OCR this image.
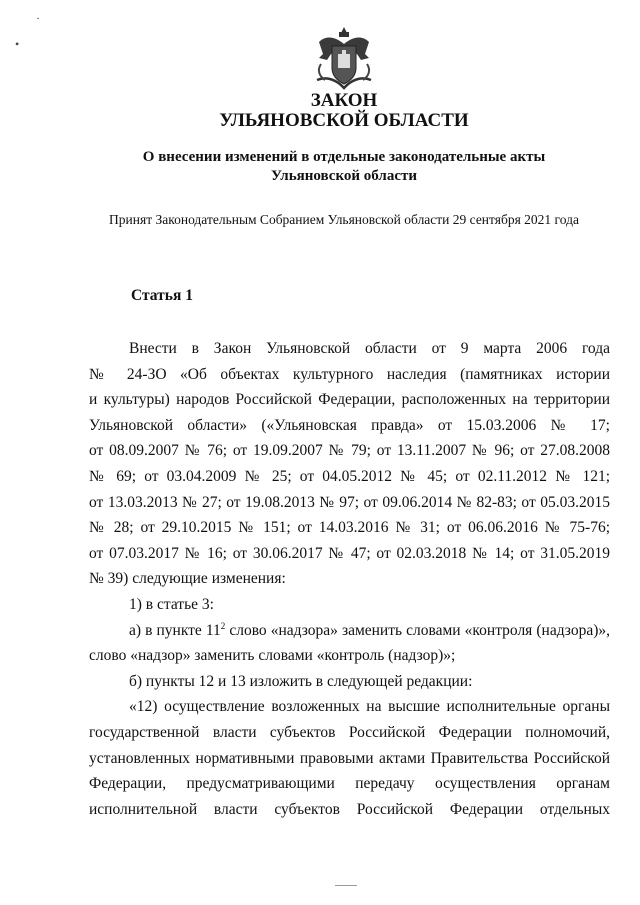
·
•

ЗАКОН

УЛЬЯНОВСКОЙ ОБЛАСТИ

О внесении изменений в отдельные законодательные акты

Ульяновской области

Принят Законодательным Собранием Ульяновской области 29 сентября 2021 года

Статья 1

Внести в Закон Ульяновской области от 9 марта 2006 года

№ 24-ЗО «Об объектах культурного наследия (памятниках истории

и культуры) народов Российской Федерации, расположенных на территории

Ульяновской области» («Ульяновская правда» от 15.03.2006 № 17;

от 08.09.2007 № 76; от 19.09.2007 № 79; от 13.11.2007 № 96; от 27.08.2008

№ 69; от 03.04.2009 № 25; от 04.05.2012 № 45; от 02.11.2012 № 121;

от 13.03.2013 № 27; от 19.08.2013 № 97; от 09.06.2014 № 82-83; от 05.03.2015

№ 28; от 29.10.2015 № 151; от 14.03.2016 № 31; от 06.06.2016 № 75-76;

от 07.03.2017 № 16; от 30.06.2017 № 47; от 02.03.2018 № 14; от 31.05.2019

№ 39) следующие изменения:

1) в статье 3:

а) в пункте $11^2$ слово «надзора» заменить словами «контроля (надзора)»,

слово «надзор» заменить словами «контроль (надзор)»;

б) пункты 12 и 13 изложить в следующей редакции:

«12) осуществление возложенных на высшие исполнительные органы

государственной власти субъектов Российской Федерации полномочий,

установленных нормативными правовыми актами Правительства Российской

Федерации, предусматривающими передачу осуществления органам

исполнительной власти субъектов Российской Федерации отдельных
